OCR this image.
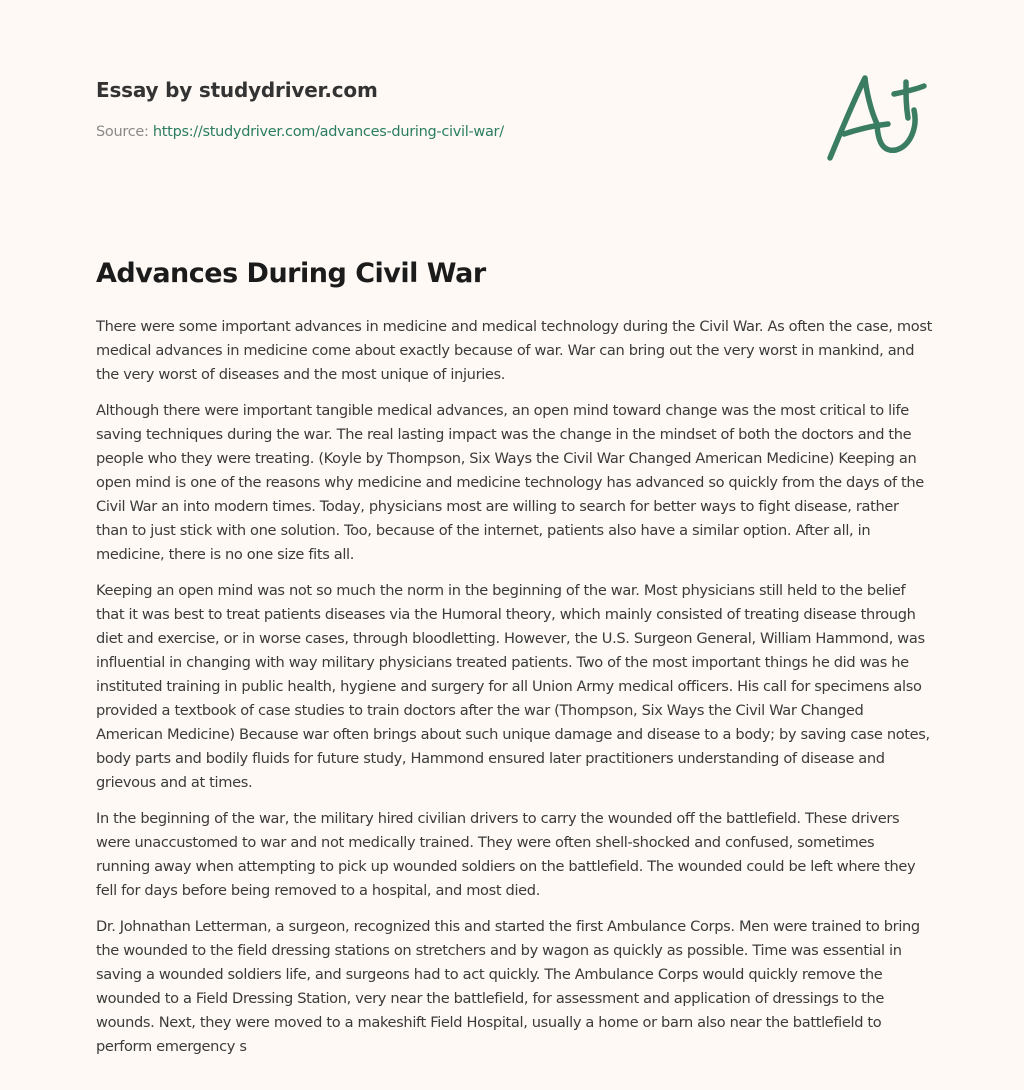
Essay by studydriver.com
Source: https://studydriver.com/advances-during-civil-war/
Advances During Civil War

There were some important advances in medicine and medical technology during the Civil War. As often the case, most medical advances in medicine come about exactly because of war. War can bring out the very worst in mankind, and the very worst of diseases and the most unique of injuries.

Although there were important tangible medical advances, an open mind toward change was the most critical to life saving techniques during the war. The real lasting impact was the change in the mindset of both the doctors and the people who they were treating. (Koyle by Thompson, Six Ways the Civil War Changed American Medicine) Keeping an open mind is one of the reasons why medicine and medicine technology has advanced so quickly from the days of the Civil War an into modern times. Today, physicians most are willing to search for better ways to fight disease, rather than to just stick with one solution. Too, because of the internet, patients also have a similar option. After all, in medicine, there is no one size fits all.

Keeping an open mind was not so much the norm in the beginning of the war. Most physicians still held to the belief that it was best to treat patients diseases via the Humoral theory, which mainly consisted of treating disease through diet and exercise, or in worse cases, through bloodletting. However, the U.S. Surgeon General, William Hammond, was influential in changing with way military physicians treated patients. Two of the most important things he did was he instituted training in public health, hygiene and surgery for all Union Army medical officers. His call for specimens also provided a textbook of case studies to train doctors after the war (Thompson, Six Ways the Civil War Changed American Medicine) Because war often brings about such unique damage and disease to a body; by saving case notes, body parts and bodily fluids for future study, Hammond ensured later practitioners understanding of disease and grievous and at times.

In the beginning of the war, the military hired civilian drivers to carry the wounded off the battlefield. These drivers were unaccustomed to war and not medically trained. They were often shell-shocked and confused, sometimes running away when attempting to pick up wounded soldiers on the battlefield. The wounded could be left where they fell for days before being removed to a hospital, and most died.

Dr. Johnathan Letterman, a surgeon, recognized this and started the first Ambulance Corps. Men were trained to bring the wounded to the field dressing stations on stretchers and by wagon as quickly as possible. Time was essential in saving a wounded soldiers life, and surgeons had to act quickly. The Ambulance Corps would quickly remove the wounded to a Field Dressing Station, very near the battlefield, for assessment and application of dressings to the wounds. Next, they were moved to a makeshift Field Hospital, usually a home or barn also near the battlefield to perform emergency s
